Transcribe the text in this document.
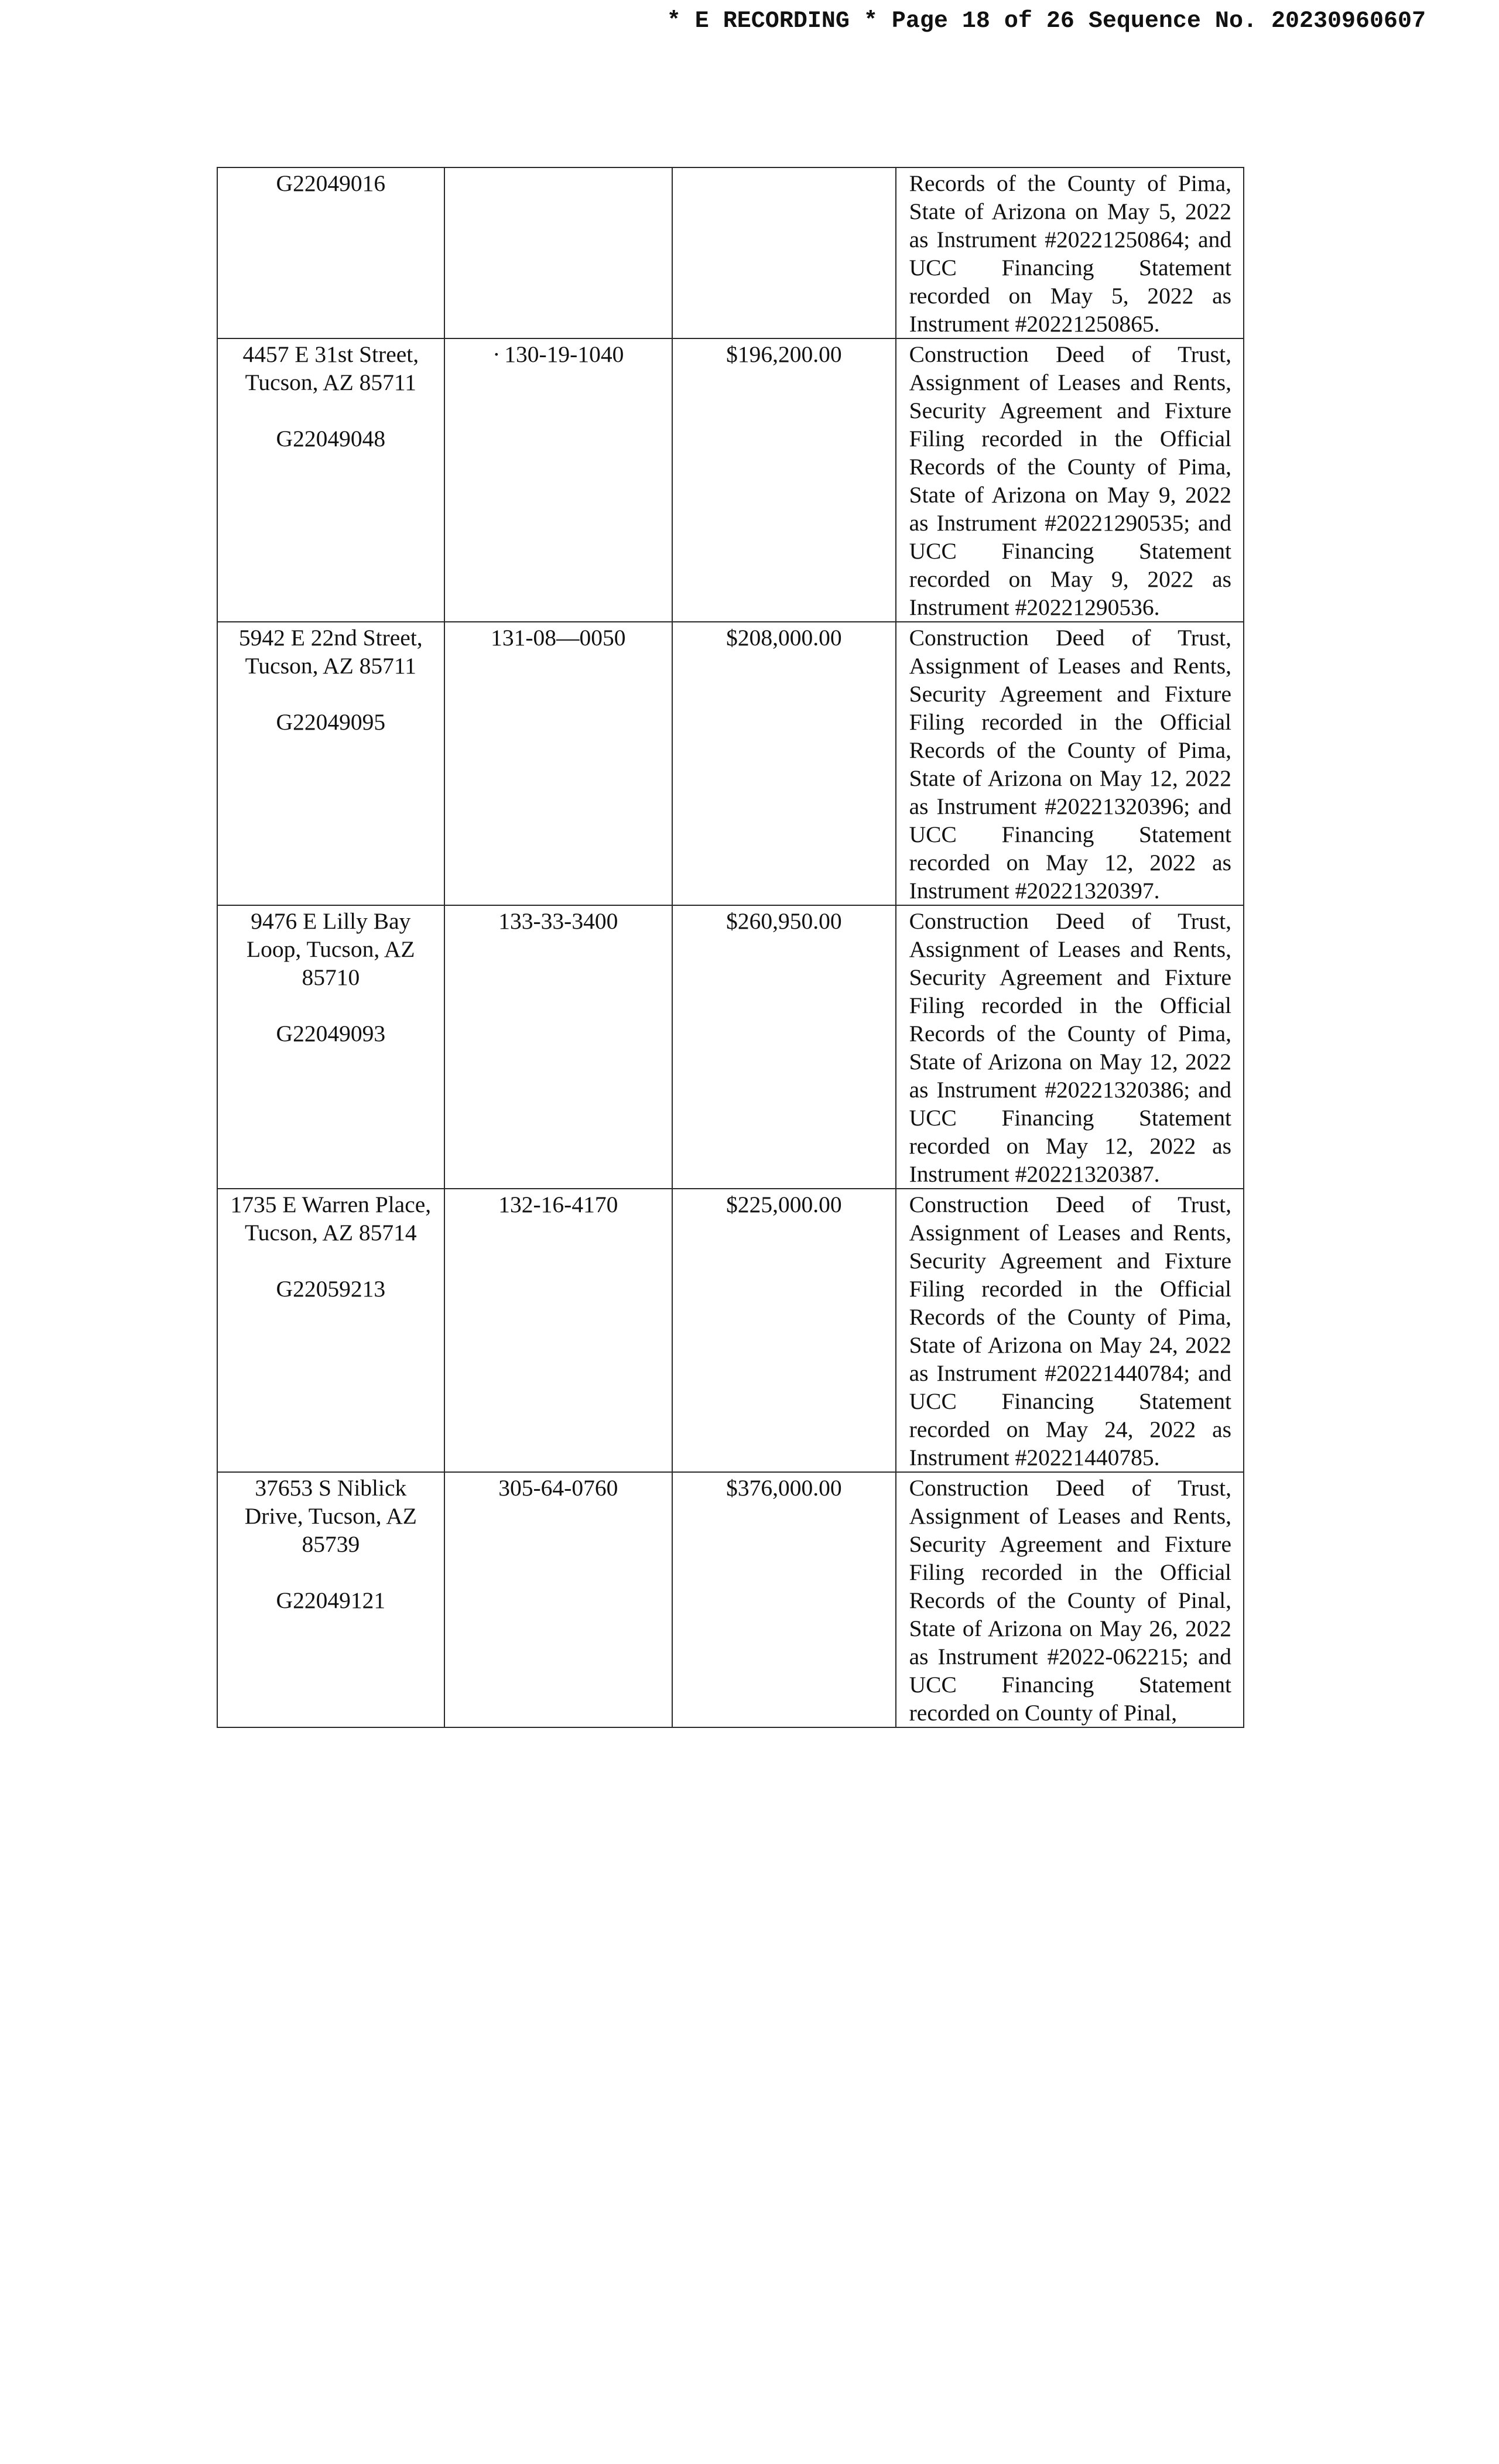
* E RECORDING * Page 18 of 26 Sequence No. 20230960607
G22049016			Records of the County of Pima, State of Arizona on May 5, 2022 as Instrument #20221250864; and UCC Financing Statement recorded on May 5, 2022 as Instrument #20221250865.

4457 E 31st Street, Tucson, AZ 85711
G22049048	· 130-19-1040	$196,200.00	Construction Deed of Trust, Assignment of Leases and Rents, Security Agreement and Fixture Filing recorded in the Official Records of the County of Pima, State of Arizona on May 9, 2022 as Instrument #20221290535; and UCC Financing Statement recorded on May 9, 2022 as Instrument #20221290536.

5942 E 22nd Street, Tucson, AZ 85711
G22049095	131-08—0050	$208,000.00	Construction Deed of Trust, Assignment of Leases and Rents, Security Agreement and Fixture Filing recorded in the Official Records of the County of Pima, State of Arizona on May 12, 2022 as Instrument #20221320396; and UCC Financing Statement recorded on May 12, 2022 as Instrument #20221320397.

9476 E Lilly Bay Loop, Tucson, AZ 85710
G22049093	133-33-3400	$260,950.00	Construction Deed of Trust, Assignment of Leases and Rents, Security Agreement and Fixture Filing recorded in the Official Records of the County of Pima, State of Arizona on May 12, 2022 as Instrument #20221320386; and UCC Financing Statement recorded on May 12, 2022 as Instrument #20221320387.

1735 E Warren Place, Tucson, AZ 85714
G22059213	132-16-4170	$225,000.00	Construction Deed of Trust, Assignment of Leases and Rents, Security Agreement and Fixture Filing recorded in the Official Records of the County of Pima, State of Arizona on May 24, 2022 as Instrument #20221440784; and UCC Financing Statement recorded on May 24, 2022 as Instrument #20221440785.

37653 S Niblick Drive, Tucson, AZ 85739
G22049121	305-64-0760	$376,000.00	Construction Deed of Trust, Assignment of Leases and Rents, Security Agreement and Fixture Filing recorded in the Official Records of the County of Pinal, State of Arizona on May 26, 2022 as Instrument #2022-062215; and UCC Financing Statement recorded on County of Pinal,
